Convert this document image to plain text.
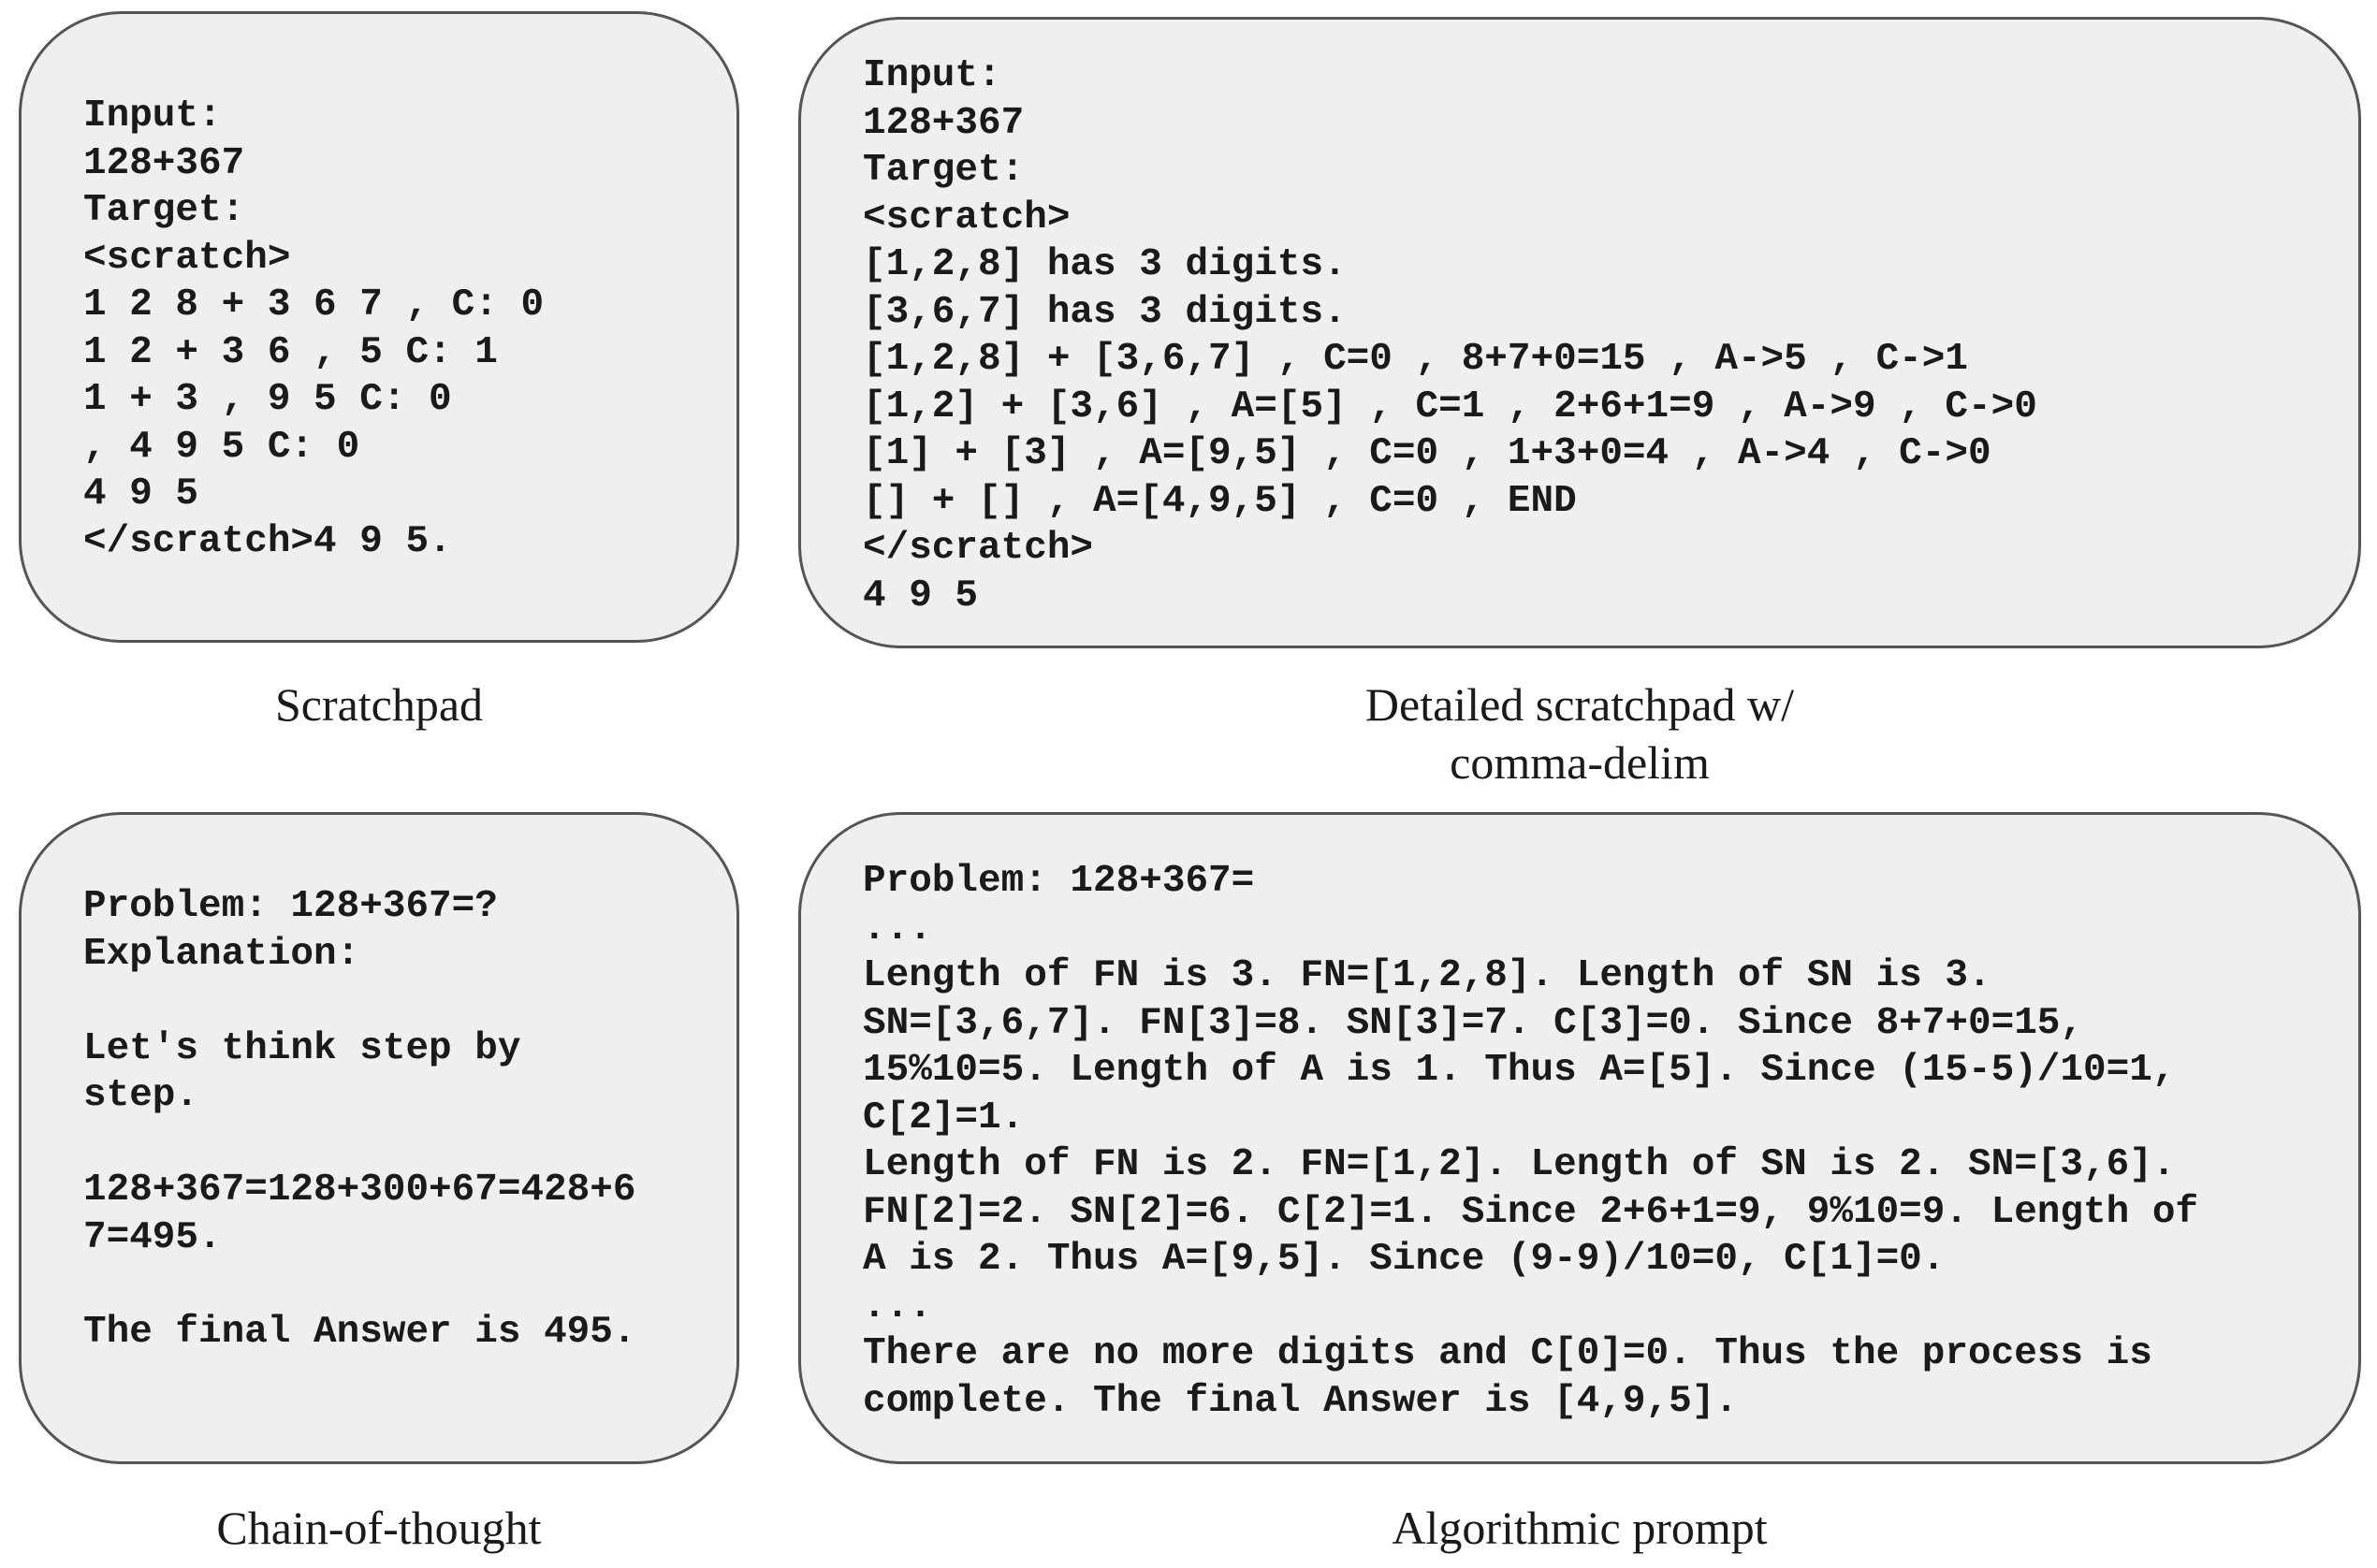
Input:
128+367
Target:
<scratch>
1 2 8 + 3 6 7 , C: 0
1 2 + 3 6 , 5 C: 1
1 + 3 , 9 5 C: 0
, 4 9 5 C: 0
4 9 5
</scratch>4 9 5.
Scratchpad
Input:
128+367
Target:
<scratch>
[1,2,8] has 3 digits.
[3,6,7] has 3 digits.
[1,2,8] + [3,6,7] , C=0 , 8+7+0=15 , A->5 , C->1
[1,2] + [3,6] , A=[5] , C=1 , 2+6+1=9 , A->9 , C->0
[1] + [3] , A=[9,5] , C=0 , 1+3+0=4 , A->4 , C->0
[] + [] , A=[4,9,5] , C=0 , END
</scratch>
4 9 5
Detailed scratchpad w/
comma-delim
Problem: 128+367=?
Explanation:

Let's think step by
step.

128+367=128+300+67=428+6
7=495.

The final Answer is 495.
Chain-of-thought
Problem: 128+367=
...
Length of FN is 3. FN=[1,2,8]. Length of SN is 3.
SN=[3,6,7]. FN[3]=8. SN[3]=7. C[3]=0. Since 8+7+0=15,
15%10=5. Length of A is 1. Thus A=[5]. Since (15-5)/10=1,
C[2]=1.
Length of FN is 2. FN=[1,2]. Length of SN is 2. SN=[3,6].
FN[2]=2. SN[2]=6. C[2]=1. Since 2+6+1=9, 9%10=9. Length of
A is 2. Thus A=[9,5]. Since (9-9)/10=0, C[1]=0.
...
There are no more digits and C[0]=0. Thus the process is
complete. The final Answer is [4,9,5].
Algorithmic prompt
